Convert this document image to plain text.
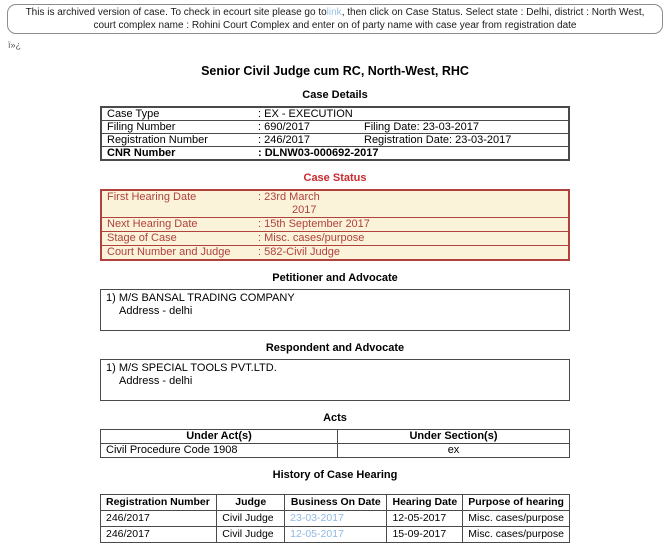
This is archived version of case. To check in ecourt site please go tolink, then click on Case Status. Select state : Delhi, district : North West, court complex name : Rohini Court Complex and enter on of party name with case year from registration date
ï»¿
Senior Civil Judge cum RC, North-West, RHC
Case Details
Case Type	: EX - EXECUTION	
Filing Number	: 690/2017	Filing Date: 23-03-2017
Registration Number	: 246/2017	Registration Date: 23-03-2017
CNR Number	: DLNW03-000692-2017	
Case Status
First Hearing Date	: 23rd March
2017

Next Hearing Date	: 15th September 2017
Stage of Case	: Misc. cases/purpose
Court Number and Judge	: 582-Civil Judge
Petitioner and Advocate
1) M/S BANSAL TRADING COMPANY
Address - delhi
Respondent and Advocate
1) M/S SPECIAL TOOLS PVT.LTD.
Address - delhi
Acts
Under Act(s)	Under Section(s)
Civil Procedure Code 1908	ex
History of Case Hearing
Registration Number	Judge	Business On Date	Hearing Date	Purpose of hearing
246/2017	Civil Judge	23-03-2017	12-05-2017	Misc. cases/purpose
246/2017	Civil Judge	12-05-2017	15-09-2017	Misc. cases/purpose
